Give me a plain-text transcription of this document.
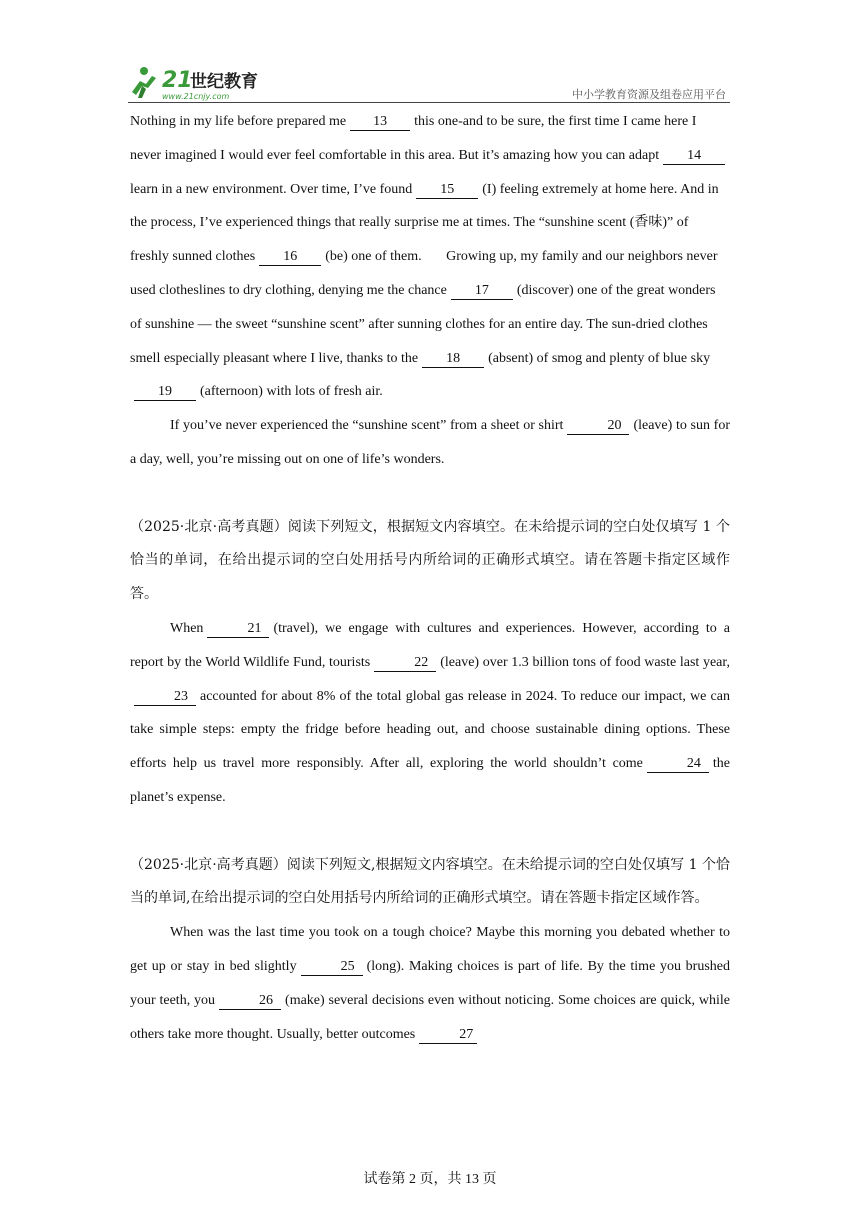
21
世纪教育
www.21cnjy.com	中小学教育资源及组卷应用平台

Nothing in my life before prepared me 13 this one-and to be sure, the first time I came here I never imagined I would ever feel comfortable in this area. But it’s amazing how you can adapt 14learn in a new environment. Over time, I’ve found 15 (I) feeling extremely at home here. And in the process, I’ve experienced things that really surprise me at times. The “sunshine scent (香味)” of freshly sunned clothes 16 (be) one of them. Growing up, my family and our neighbors never used clotheslines to dry clothing, denying me the chance 17 (discover) one of the great wonders of sunshine — the sweet “sunshine scent” after sunning clothes for an entire day. The sun-dried clothes smell especially pleasant where I live, thanks to the 18 (absent) of smog and plenty of blue sky19 (afternoon) with lots of fresh air.

If you’ve never experienced the “sunshine scent” from a sheet or shirt	20 (leave) to sun for a day, well, you’re missing out on one of life’s wonders.

（2025·北京·高考真题）阅读下列短文，根据短文内容填空。在未给提示词的空白处仅填写 1 个恰当的单词，在给出提示词的空白处用括号内所给词的正确形式填空。请在答题卡指定区域作答。

When	21 (travel), we engage with cultures and experiences. However, according to a report by the World Wildlife Fund, tourists	22 (leave) over 1.3 billion tons of food waste last year,23 accounted for about 8% of the total global gas release in 2024. To reduce our impact, we can take simple steps: empty the fridge before heading out, and choose sustainable dining options. These efforts help us travel more responsibly. After all, exploring the world shouldn’t come	24 the planet’s expense.

（2025·北京·高考真题）阅读下列短文,根据短文内容填空。在未给提示词的空白处仅填写 1 个恰当的单词,在给出提示词的空白处用括号内所给词的正确形式填空。请在答题卡指定区域作答。

When was the last time you took on a tough choice? Maybe this morning you debated whether to get up or stay in bed slightly	25 (long). Making choices is part of life. By the time you brushed your teeth, you	26 (make) several decisions even without noticing. Some choices are quick, while others take more thought. Usually, better outcomes	27

试卷第 2 页，共 13 页
